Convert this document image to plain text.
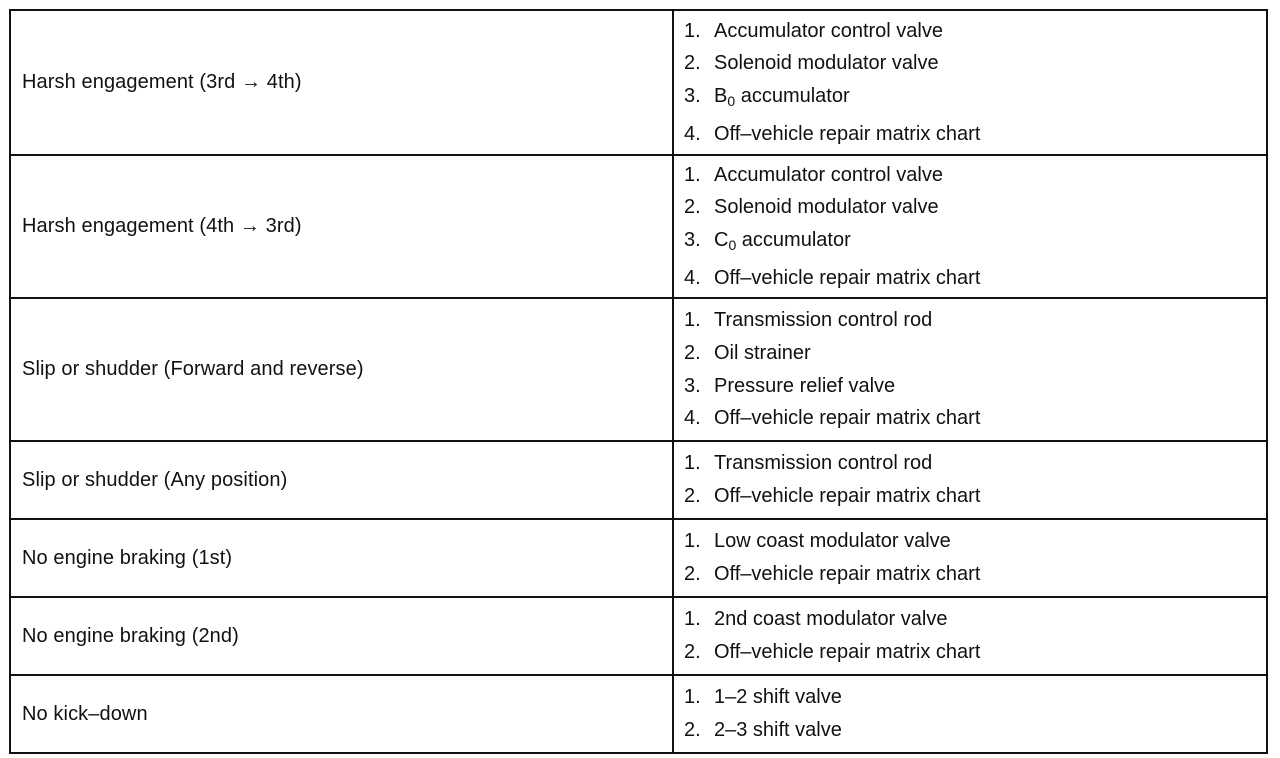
Harsh engagement (3rd → 4th)
1. Accumulator control valve
2. Solenoid modulator valve
3. $B_0$ accumulator
4. Off–vehicle repair matrix chart
Harsh engagement (4th → 3rd)
1. Accumulator control valve
2. Solenoid modulator valve
3. $C_0$ accumulator
4. Off–vehicle repair matrix chart
Slip or shudder (Forward and reverse)
1. Transmission control rod
2. Oil strainer
3. Pressure relief valve
4. Off–vehicle repair matrix chart
Slip or shudder (Any position)
1. Transmission control rod
2. Off–vehicle repair matrix chart
No engine braking (1st)
1. Low coast modulator valve
2. Off–vehicle repair matrix chart
No engine braking (2nd)
1. 2nd coast modulator valve
2. Off–vehicle repair matrix chart
No kick–down
1. 1–2 shift valve
2. 2–3 shift valve
